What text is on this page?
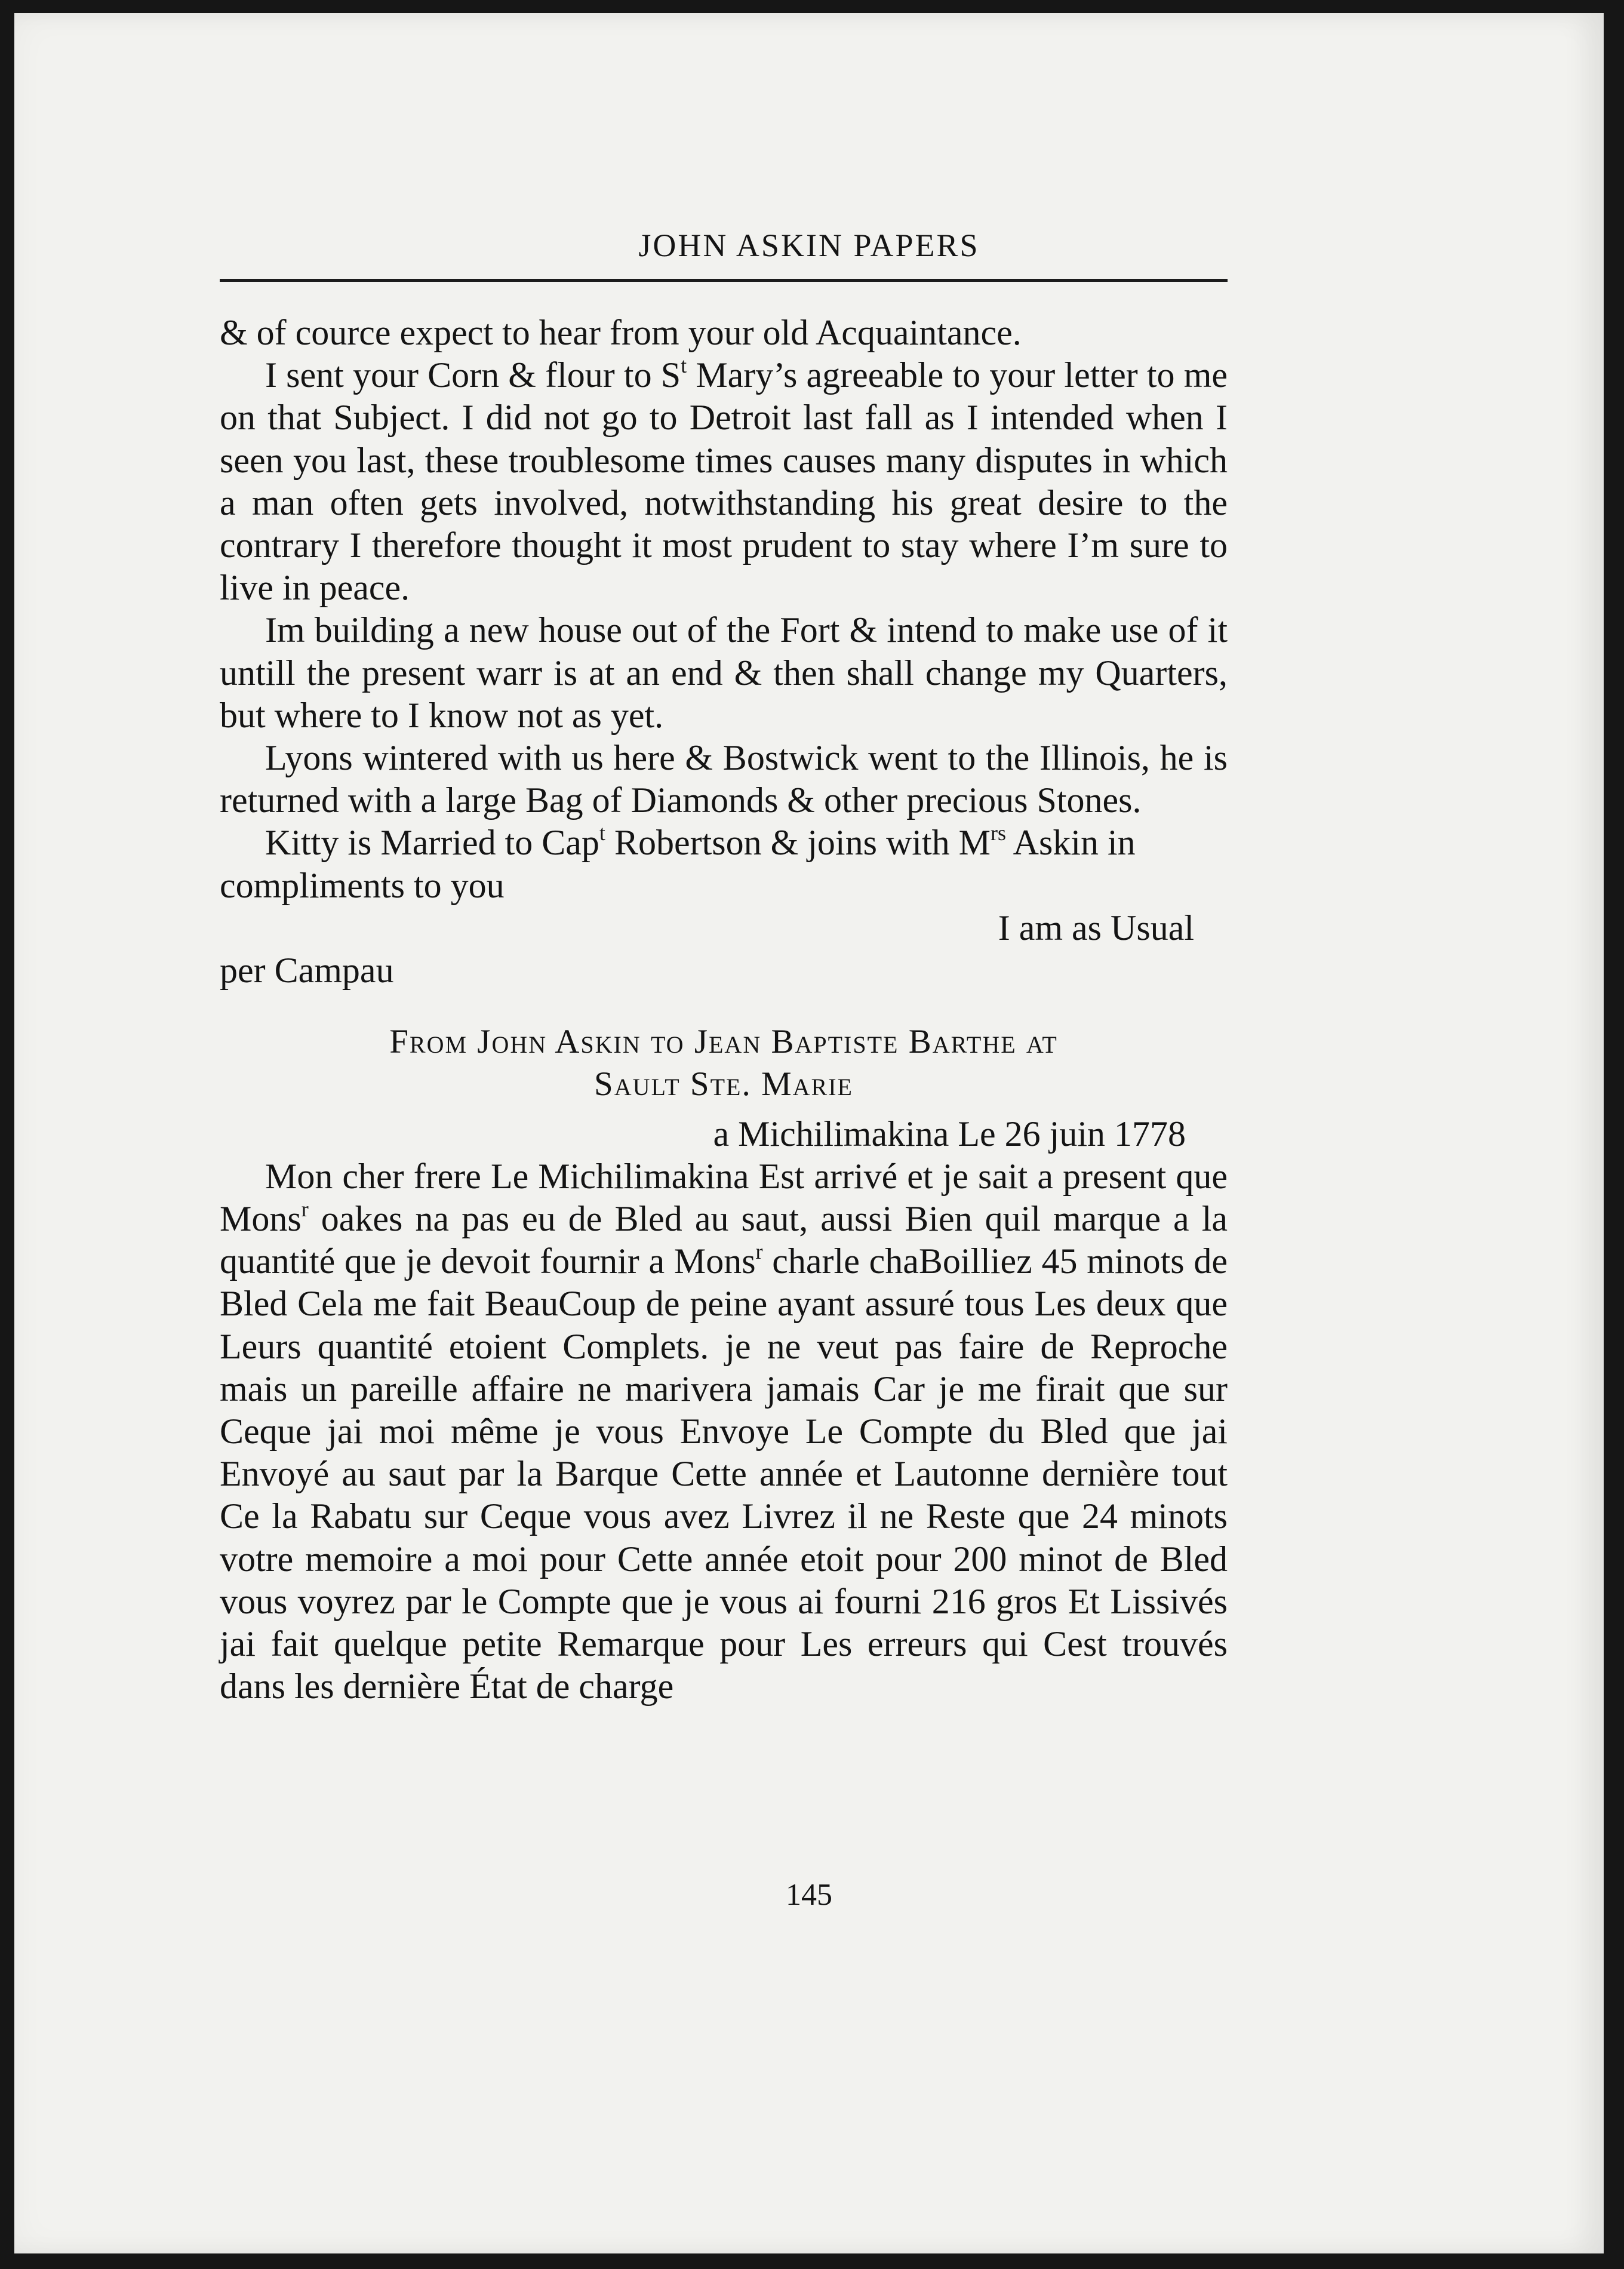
JOHN ASKIN PAPERS

& of cource expect to hear from your old Acquaintance.

I sent your Corn & flour to $S^t$ Mary’s agreeable to your letter to me on that Subject. I did not go to Detroit last fall as I intended when I seen you last, these troublesome times causes many disputes in which a man often gets involved, notwithstanding his great desire to the contrary I therefore thought it most prudent to stay where I’m sure to live in peace.

Im building a new house out of the Fort & intend to make use of it untill the present warr is at an end & then shall change my Quarters, but where to I know not as yet.

Lyons wintered with us here & Bostwick went to the Illinois, he is returned with a large Bag of Diamonds & other precious Stones.

Kitty is Married to Cap$^t$ Robertson & joins with $M^{rs}$ Askin in compliments to you

I am as Usual

per Campau

From John Askin to Jean Baptiste Barthe at
Sault Ste. Marie

a Michilimakina Le 26 juin 1778

Mon cher frere Le Michilimakina Est arrivé et je sait a present que Mons$^r$ oakes na pas eu de Bled au saut, aussi Bien quil marque a la quantité que je devoit fournir a Mons$^r$ charle chaBoilliez 45 minots de Bled Cela me fait BeauCoup de peine ayant assuré tous Les deux que Leurs quantité etoient Complets. je ne veut pas faire de Reproche mais un pareille affaire ne marivera jamais Car je me firait que sur Ceque jai moi même je vous Envoye Le Compte du Bled que jai Envoyé au saut par la Barque Cette année et Lautonne dernière tout Ce la Rabatu sur Ceque vous avez Livrez il ne Reste que 24 minots votre memoire a moi pour Cette année etoit pour 200 minot de Bled vous voyrez par le Compte que je vous ai fourni 216 gros Et Lissivés jai fait quelque petite Remarque pour Les erreurs qui Cest trouvés dans les dernière État de charge

145
